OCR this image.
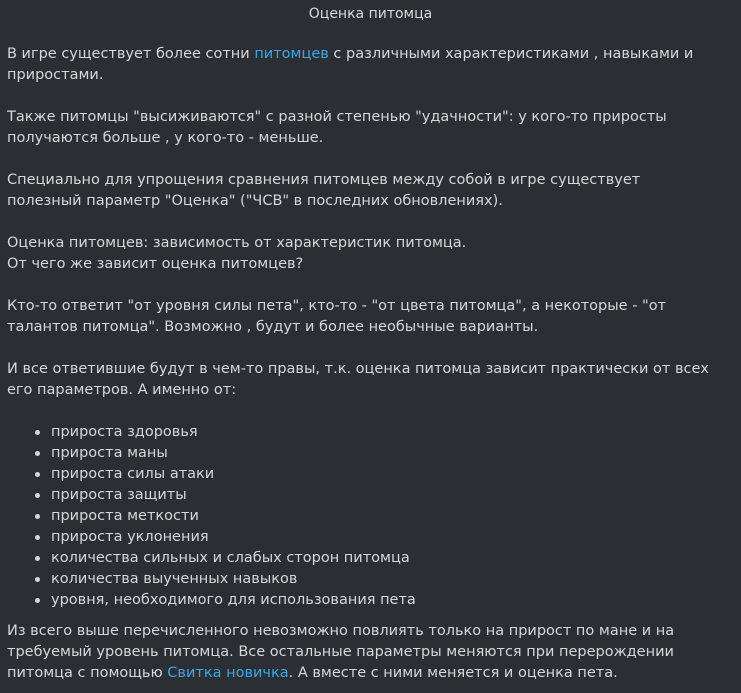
Оценка питомца

В игре существует более сотни питомцев с различными характеристиками , навыками и приростами.

Также питомцы "высиживаются" с разной степенью "удачности": у кого-то приросты получаются больше , у кого-то - меньше.

Специально для упрощения сравнения питомцев между собой в игре существует полезный параметр "Оценка" ("ЧСВ" в последних обновлениях).

Оценка питомцев: зависимость от характеристик питомца.
От чего же зависит оценка питомцев?

Кто-то ответит "от уровня силы пета", кто-то - "от цвета питомца", а некоторые - "от талантов питомца". Возможно , будут и более необычные варианты.

И все ответившие будут в чем-то правы, т.к. оценка питомца зависит практически от всех его параметров. А именно от:

прироста здоровья
прироста маны
прироста силы атаки
прироста защиты
прироста меткости
прироста уклонения
количества сильных и слабых сторон питомца
количества выученных навыков
уровня, необходимого для использования пета

Из всего выше перечисленного невозможно повлиять только на прирост по мане и на требуемый уровень питомца. Все остальные параметры меняются при перерождении питомца с помощью Свитка новичка. А вместе с ними меняется и оценка пета.
